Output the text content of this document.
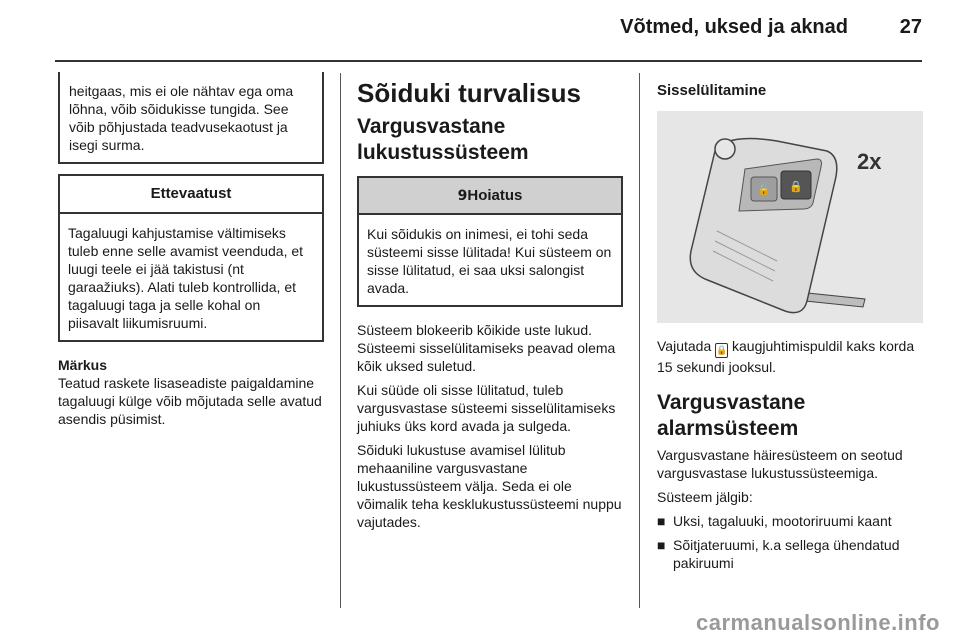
Võtmed, uksed ja aknad	27

heitgaas, mis ei ole nähtav ega oma lõhna, võib sõidukisse tungida. See võib põhjustada teadvusekaotust ja isegi surma.

Ettevaatust

Tagaluugi kahjustamise vältimiseks tuleb enne selle avamist veenduda, et luugi teele ei jää takistusi (nt garaažiuks). Alati tuleb kontrollida, et tagaluugi taga ja selle kohal on piisavalt liikumisruumi.

Märkus

Teatud raskete lisaseadiste paigaldamine tagaluugi külge võib mõjutada selle avatud asendis püsimist.

Sõiduki turvalisus
Vargusvastane lukustussüsteem
9Hoiatus

Kui sõidukis on inimesi, ei tohi seda süsteemi sisse lülitada! Kui süsteem on sisse lülitatud, ei saa uksi salongist avada.

Süsteem blokeerib kõikide uste lukud. Süsteemi sisselülitamiseks peavad olema kõik uksed suletud.

Kui süüde oli sisse lülitatud, tuleb vargusvastase süsteemi sisselülitamiseks juhiuks üks kord avada ja sulgeda.

Sõiduki lukustuse avamisel lülitub mehaaniline vargusvastane lukustussüsteem välja. Seda ei ole võimalik teha kesklukustussüsteemi nuppu vajutades.

Sisselülitamine
🔓 🔒
2x

Vajutada 🔒 kaugjuhtimispuldil kaks korda 15 sekundi jooksul.

Vargusvastane alarmsüsteem

Vargusvastane häiresüsteem on seotud vargusvastase lukustussüsteemiga.

Süsteem jälgib:

■ Uksi, tagaluuki, mootoriruumi kaant
■ Sõitjateruumi, k.a sellega ühendatud pakiruumi
carmanualsonline.info
